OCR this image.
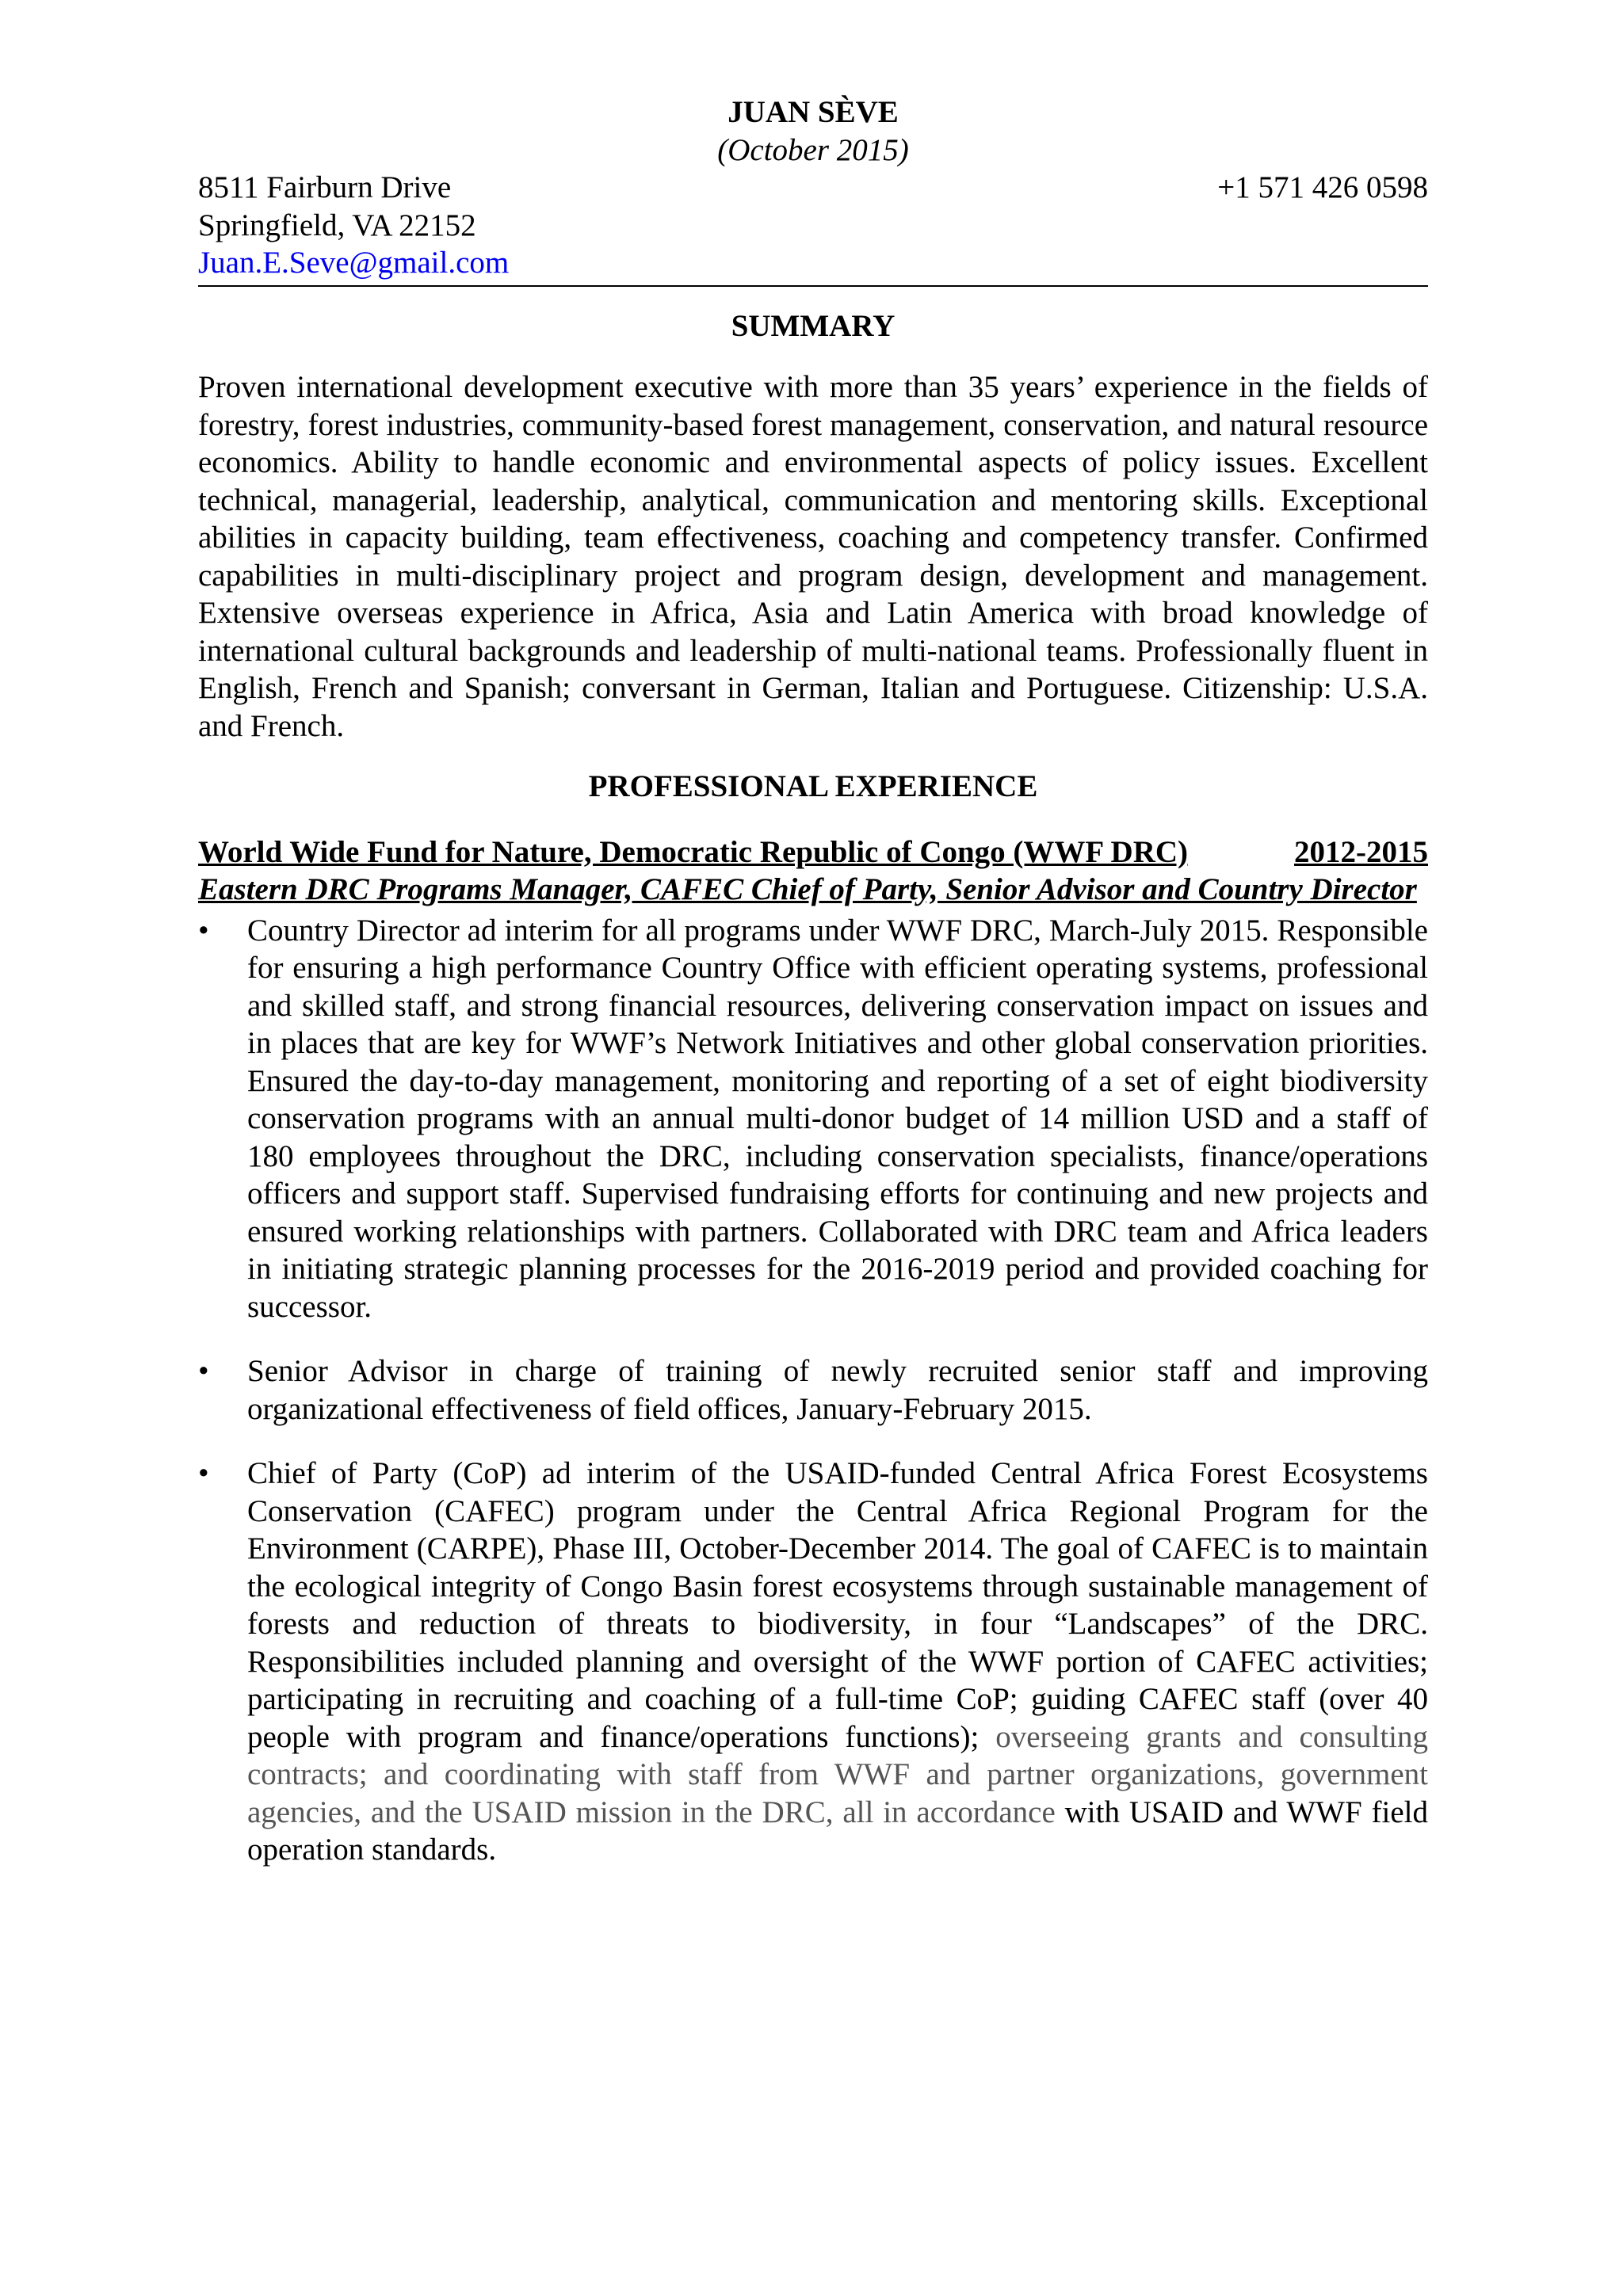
JUAN SÈVE
(October 2015)
8511 Fairburn Drive	+1 571 426 0598
Springfield, VA 22152
Juan.E.Seve@gmail.com
SUMMARY
Proven international development executive with more than 35 years’ experience in the fields of forestry, forest industries, community-based forest management, conservation, and natural resource economics. Ability to handle economic and environmental aspects of policy issues. Excellent technical, managerial, leadership, analytical, communication and mentoring skills. Exceptional abilities in capacity building, team effectiveness, coaching and competency transfer. Confirmed capabilities in multi-disciplinary project and program design, development and management. Extensive overseas experience in Africa, Asia and Latin America with broad knowledge of international cultural backgrounds and leadership of multi-national teams. Professionally fluent in English, French and Spanish; conversant in German, Italian and Portuguese. Citizenship: U.S.A. and French.
PROFESSIONAL EXPERIENCE
World Wide Fund for Nature, Democratic Republic of Congo (WWF DRC)	2012-2015
Eastern DRC Programs Manager, CAFEC Chief of Party, Senior Advisor and Country Director
•	Country Director ad interim for all programs under WWF DRC, March-July 2015. Responsible for ensuring a high performance Country Office with efficient operating systems, professional and skilled staff, and strong financial resources, delivering conservation impact on issues and in places that are key for WWF’s Network Initiatives and other global conservation priorities. Ensured the day-to-day management, monitoring and reporting of a set of eight biodiversity conservation programs with an annual multi-donor budget of 14 million USD and a staff of 180 employees throughout the DRC, including conservation specialists, finance/operations officers and support staff. Supervised fundraising efforts for continuing and new projects and ensured working relationships with partners. Collaborated with DRC team and Africa leaders in initiating strategic planning processes for the 2016-2019 period and provided coaching for successor.
•	Senior Advisor in charge of training of newly recruited senior staff and improving organizational effectiveness of field offices, January-February 2015.
•	Chief of Party (CoP) ad interim of the USAID-funded Central Africa Forest Ecosystems Conservation (CAFEC) program under the Central Africa Regional Program for the Environment (CARPE), Phase III, October-December 2014. The goal of CAFEC is to maintain the ecological integrity of Congo Basin forest ecosystems through sustainable management of forests and reduction of threats to biodiversity, in four “Landscapes” of the DRC. Responsibilities included planning and oversight of the WWF portion of CAFEC activities; participating in recruiting and coaching of a full-time CoP; guiding CAFEC staff (over 40 people with program and finance/operations functions); overseeing grants and consulting contracts; and coordinating with staff from WWF and partner organizations, government agencies, and the USAID mission in the DRC, all in accordance with USAID and WWF field operation standards.
